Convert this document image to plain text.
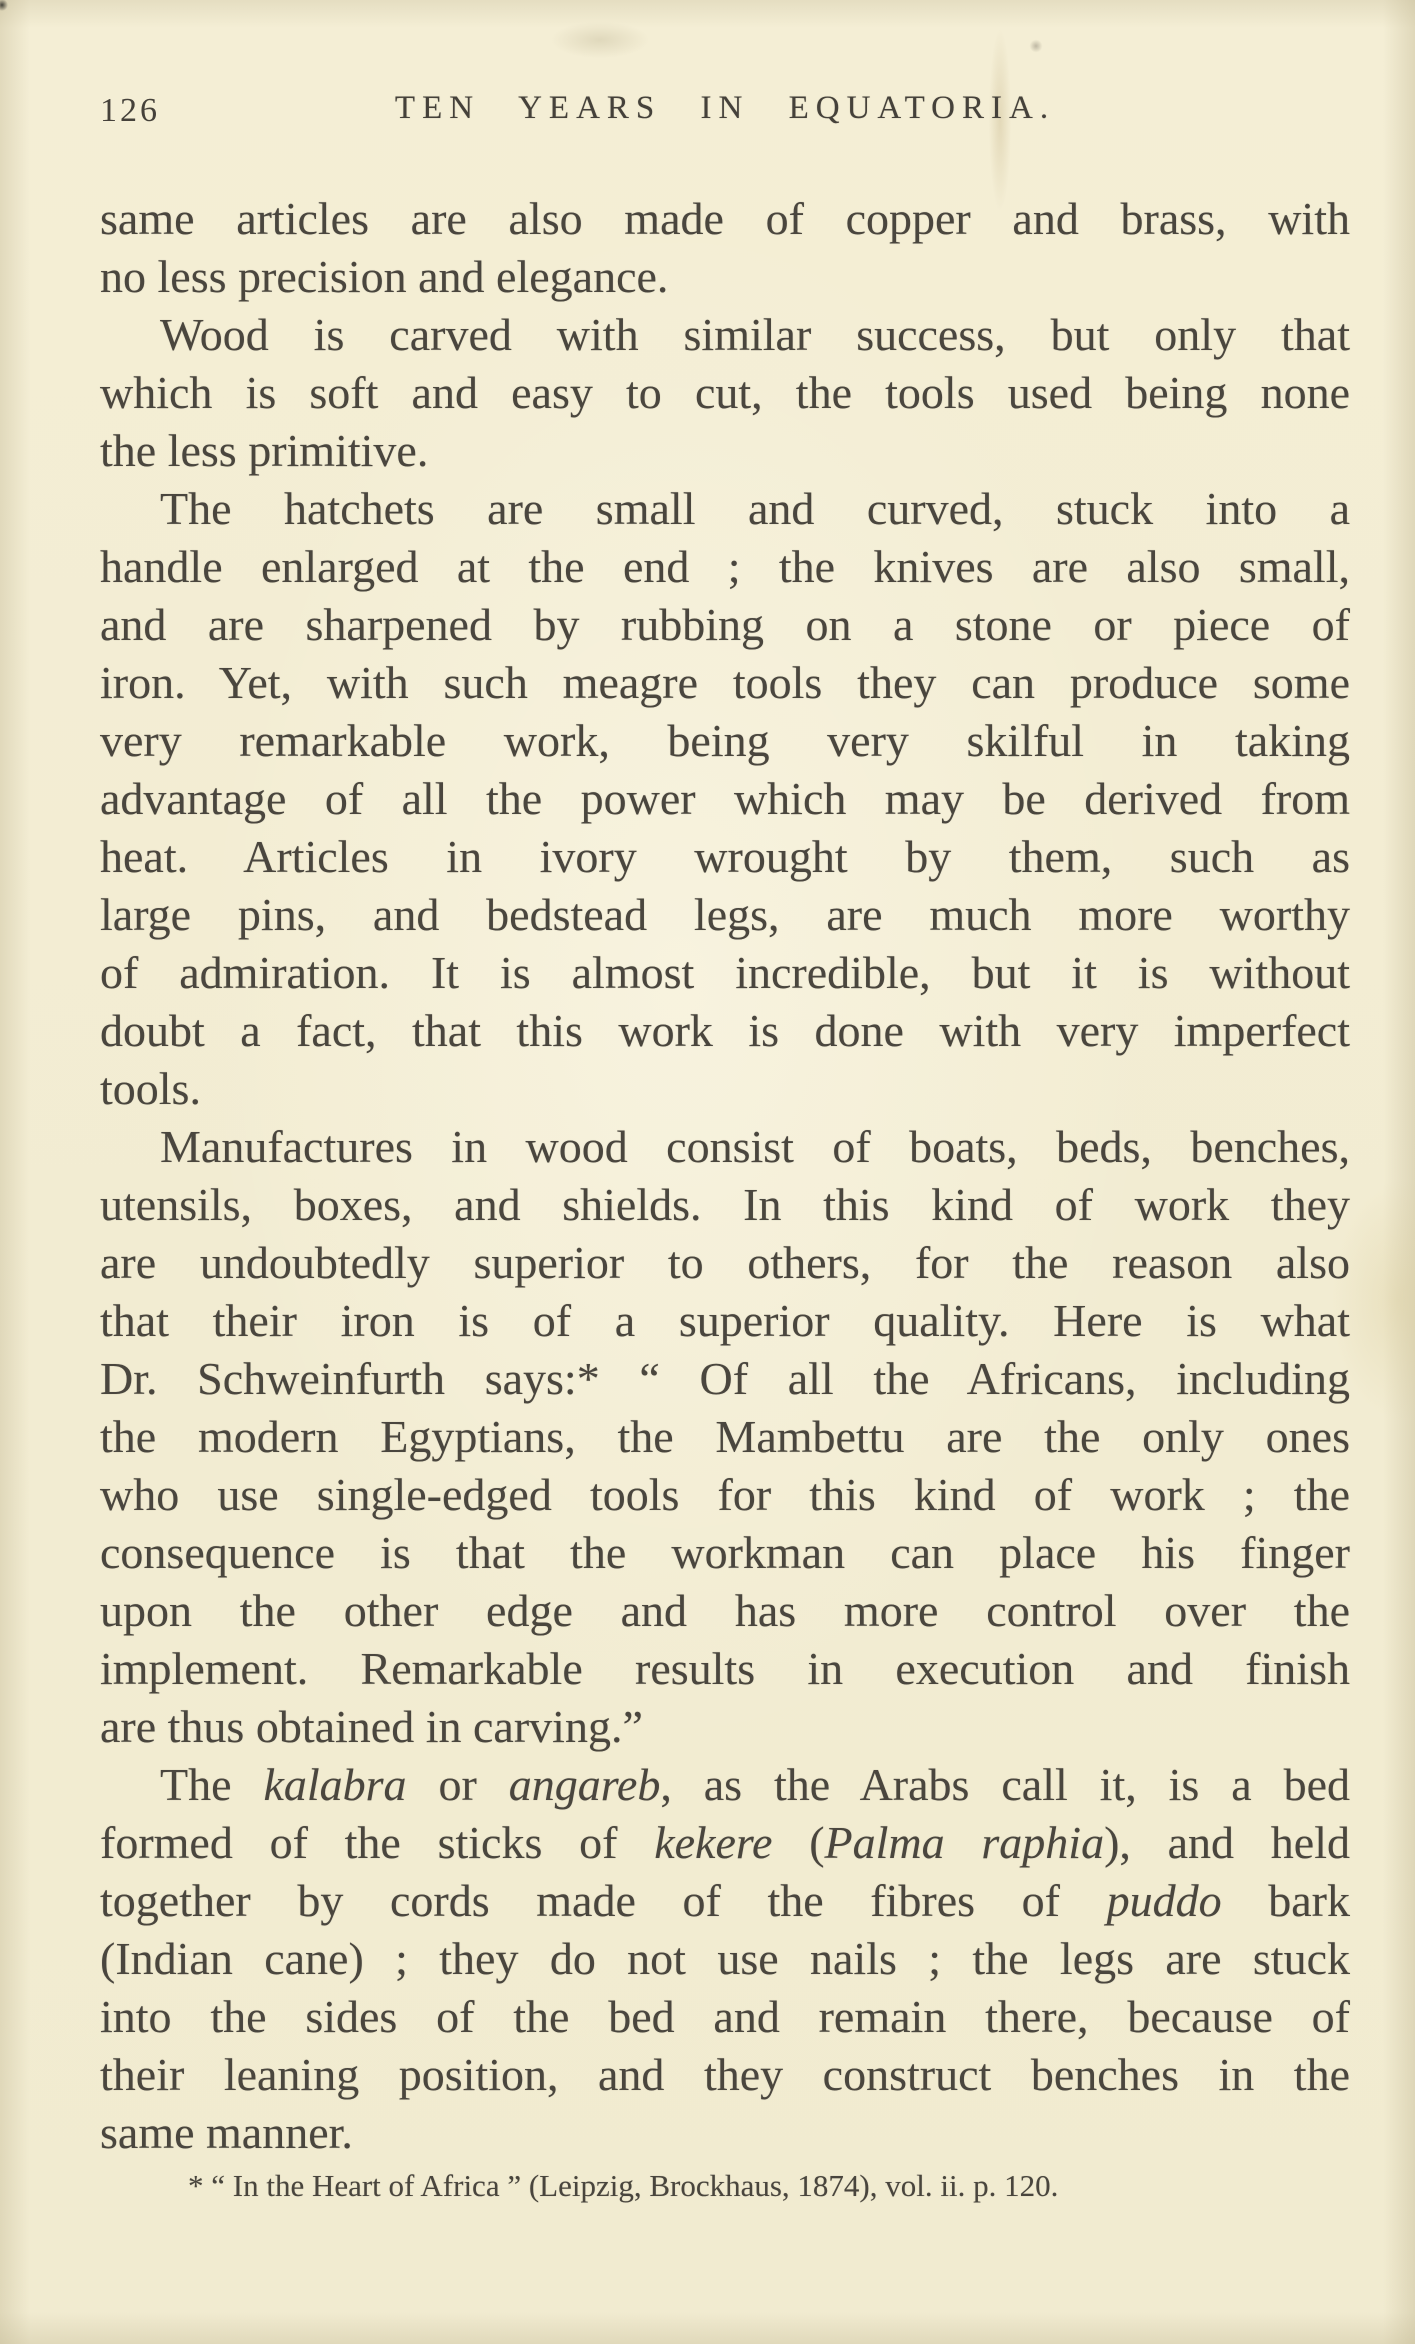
126	TEN YEARS IN EQUATORIA.
same articles are also made of copper and brass, with
no less precision and elegance.
Wood is carved with similar success, but only that
which is soft and easy to cut, the tools used being none
the less primitive.
The hatchets are small and curved, stuck into a
handle enlarged at the end ; the knives are also small,
and are sharpened by rubbing on a stone or piece of
iron. Yet, with such meagre tools they can produce some
very remarkable work, being very skilful in taking
advantage of all the power which may be derived from
heat. Articles in ivory wrought by them, such as
large pins, and bedstead legs, are much more worthy
of admiration. It is almost incredible, but it is without
doubt a fact, that this work is done with very imperfect
tools.
Manufactures in wood consist of boats, beds, benches,
utensils, boxes, and shields. In this kind of work they
are undoubtedly superior to others, for the reason also
that their iron is of a superior quality. Here is what
Dr. Schweinfurth says:* “ Of all the Africans, including
the modern Egyptians, the Mambettu are the only ones
who use single-edged tools for this kind of work ; the
consequence is that the workman can place his finger
upon the other edge and has more control over the
implement. Remarkable results in execution and finish
are thus obtained in carving.”
The kalabra or angareb, as the Arabs call it, is a bed
formed of the sticks of kekere (Palma raphia), and held
together by cords made of the fibres of puddo bark
(Indian cane) ; they do not use nails ; the legs are stuck
into the sides of the bed and remain there, because of
their leaning position, and they construct benches in the
same manner.
* “ In the Heart of Africa ” (Leipzig, Brockhaus, 1874), vol. ii. p. 120.
